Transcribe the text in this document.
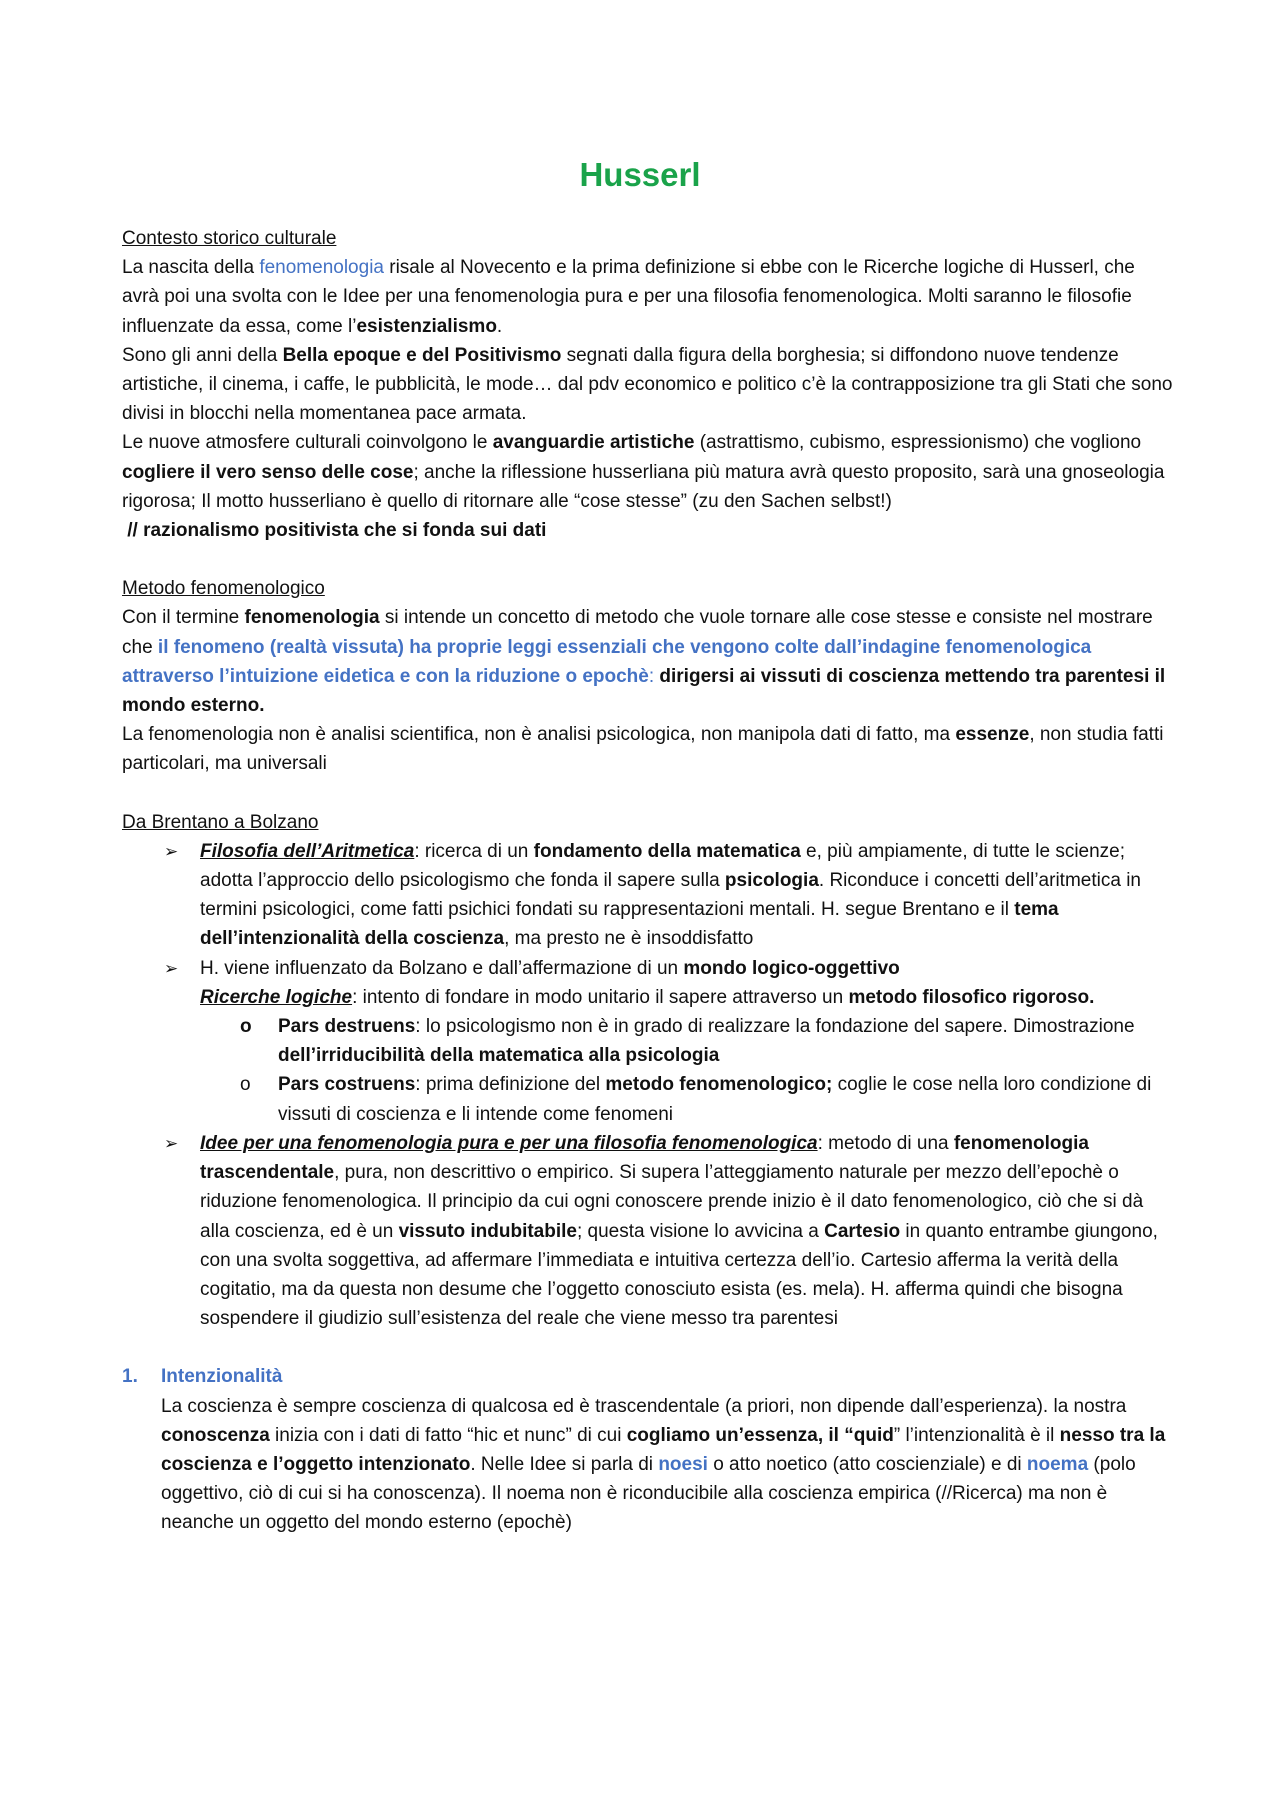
Husserl

Contesto storico culturale

La nascita della fenomenologia risale al Novecento e la prima definizione si ebbe con le Ricerche logiche di Husserl, che avrà poi una svolta con le Idee per una fenomenologia pura e per una filosofia fenomenologica. Molti saranno le filosofie influenzate da essa, come l’esistenzialismo.

Sono gli anni della Bella epoque e del Positivismo segnati dalla figura della borghesia; si diffondono nuove tendenze artistiche, il cinema, i caffe, le pubblicità, le mode… dal pdv economico e politico c’è la contrapposizione tra gli Stati che sono divisi in blocchi nella momentanea pace armata.

Le nuove atmosfere culturali coinvolgono le avanguardie artistiche (astrattismo, cubismo, espressionismo) che vogliono cogliere il vero senso delle cose; anche la riflessione husserliana più matura avrà questo proposito, sarà una gnoseologia rigorosa; Il motto husserliano è quello di ritornare alle “cose stesse” (zu den Sachen selbst!)

// razionalismo positivista che si fonda sui dati

Metodo fenomenologico

Con il termine fenomenologia si intende un concetto di metodo che vuole tornare alle cose stesse e consiste nel mostrare che il fenomeno (realtà vissuta) ha proprie leggi essenziali che vengono colte dall’indagine fenomenologica attraverso l’intuizione eidetica e con la riduzione o epochè: dirigersi ai vissuti di coscienza mettendo tra parentesi il mondo esterno.

La fenomenologia non è analisi scientifica, non è analisi psicologica, non manipola dati di fatto, ma essenze, non studia fatti particolari, ma universali

Da Brentano a Bolzano

➢ Filosofia dell’Aritmetica: ricerca di un fondamento della matematica e, più ampiamente, di tutte le scienze; adotta l’approccio dello psicologismo che fonda il sapere sulla psicologia. Riconduce i concetti dell’aritmetica in termini psicologici, come fatti psichici fondati su rappresentazioni mentali. H. segue Brentano e il tema dell’intenzionalità della coscienza, ma presto ne è insoddisfatto
➢ H. viene influenzato da Bolzano e dall’affermazione di un mondo logico-oggettivo
Ricerche logiche: intento di fondare in modo unitario il sapere attraverso un metodo filosofico rigoroso.
o Pars destruens: lo psicologismo non è in grado di realizzare la fondazione del sapere. Dimostrazione dell’irriducibilità della matematica alla psicologia
o Pars costruens: prima definizione del metodo fenomenologico; coglie le cose nella loro condizione di vissuti di coscienza e li intende come fenomeni
➢ Idee per una fenomenologia pura e per una filosofia fenomenologica: metodo di una fenomenologia trascendentale, pura, non descrittivo o empirico. Si supera l’atteggiamento naturale per mezzo dell’epochè o riduzione fenomenologica. Il principio da cui ogni conoscere prende inizio è il dato fenomenologico, ciò che si dà alla coscienza, ed è un vissuto indubitabile; questa visione lo avvicina a Cartesio in quanto entrambe giungono, con una svolta soggettiva, ad affermare l’immediata e intuitiva certezza dell’io. Cartesio afferma la verità della cogitatio, ma da questa non desume che l’oggetto conosciuto esista (es. mela). H. afferma quindi che bisogna sospendere il giudizio sull’esistenza del reale che viene messo tra parentesi
1. Intenzionalità

La coscienza è sempre coscienza di qualcosa ed è trascendentale (a priori, non dipende dall’esperienza). la nostra conoscenza inizia con i dati di fatto “hic et nunc” di cui cogliamo un’essenza, il “quid” l’intenzionalità è il nesso tra la coscienza e l’oggetto intenzionato. Nelle Idee si parla di noesi o atto noetico (atto coscienziale) e di noema (polo oggettivo, ciò di cui si ha conoscenza). Il noema non è riconducibile alla coscienza empirica (//Ricerca) ma non è neanche un oggetto del mondo esterno (epochè)
